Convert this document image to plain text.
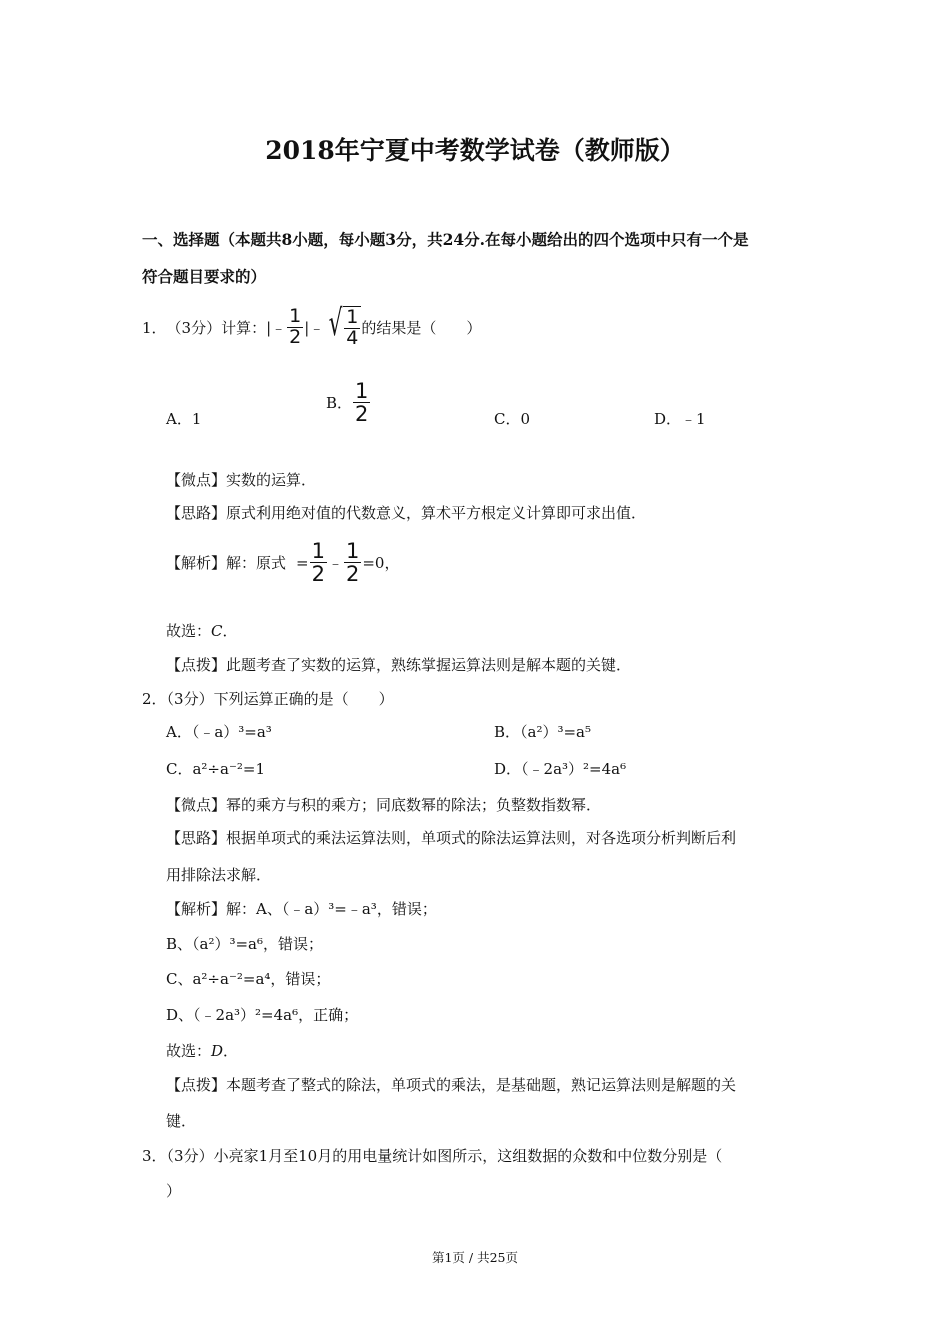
2018年宁夏中考数学试卷（教师版）
一、选择题（本题共8小题，每小题3分，共24分.在每小题给出的四个选项中只有一个是
符合题目要求的）
1． （3分）计算： |﹣ $\frac{1}{2}$ |﹣ √ $\frac{1}{4}$ 的结果是（　　）
A．1
B． $\frac{1}{2}$	C．0	D．﹣1
【微点】实数的运算．
【思路】原式利用绝对值的代数意义，算术平方根定义计算即可求出值．
【解析】解：原式 = $\frac{1}{2}$ ﹣ $\frac{1}{2} =0$，
故选：C．
【点拨】此题考查了实数的运算，熟练掌握运算法则是解本题的关键．
2．（3分）下列运算正确的是（　　）
A．（﹣a）³=a³	B．（a²）³=a⁵
C．a²÷a⁻²=1	D．（﹣2a³）²=4a⁶
【微点】幂的乘方与积的乘方；同底数幂的除法；负整数指数幂．
【思路】根据单项式的乘法运算法则，单项式的除法运算法则，对各选项分析判断后利
用排除法求解．
【解析】解：A、（﹣a）³=﹣a³，错误；
B、（a²）³=a⁶，错误；
C、a²÷a⁻²=a⁴，错误；
D、（﹣2a³）²=4a⁶，正确；
故选：D．
【点拨】本题考查了整式的除法，单项式的乘法，是基础题，熟记运算法则是解题的关
键．
3．（3分）小亮家1月至10月的用电量统计如图所示，这组数据的众数和中位数分别是（
）
第1页 / 共25页
